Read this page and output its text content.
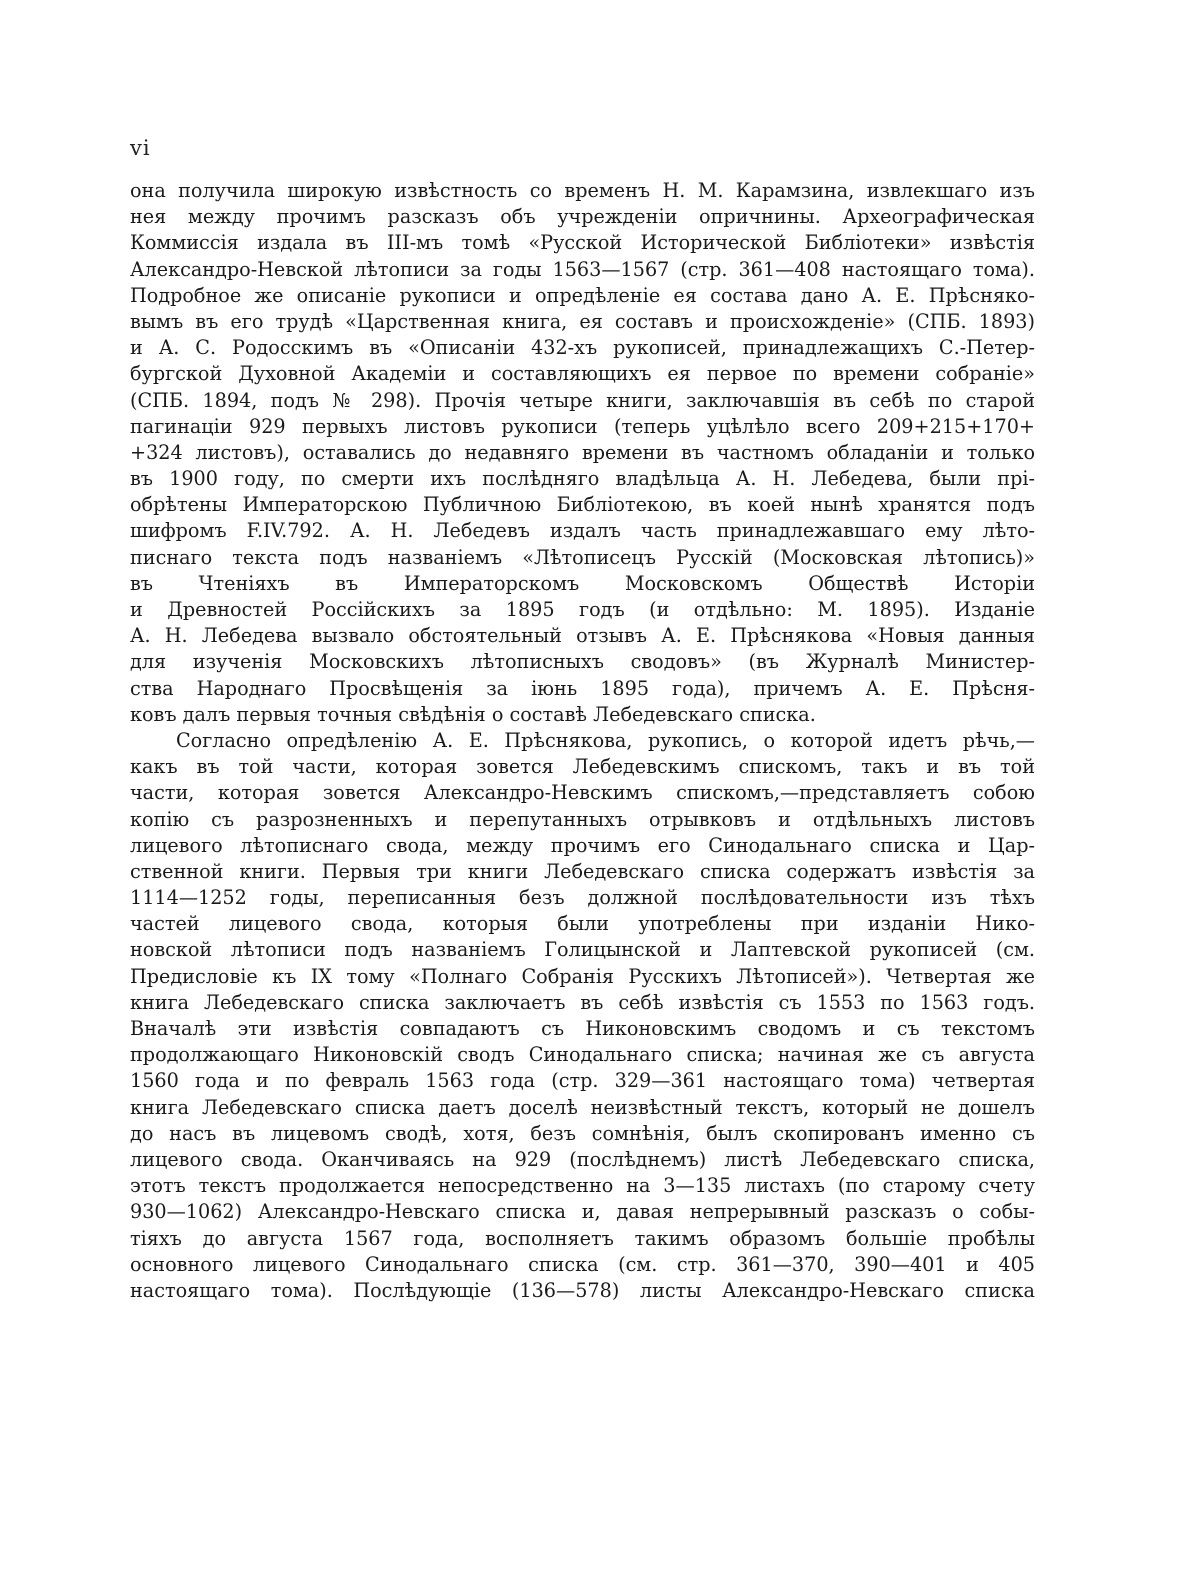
vi
она получила широкую извѣстность со временъ Н. М. Карамзина, извлекшаго изъ
нея между прочимъ разсказъ объ учрежденіи опричнины. Археографическая
Коммиссія издала въ III-мъ томѣ «Русской Исторической Библіотеки» извѣстія
Александро-Невской лѣтописи за годы 1563—1567 (стр. 361—408 настоящаго тома).
Подробное же описаніе рукописи и опредѣленіе ея состава дано А. Е. Прѣсняко-
вымъ въ его трудѣ «Царственная книга, ея составъ и происхожденіе» (СПБ. 1893)
и А. С. Родосскимъ въ «Описаніи 432-хъ рукописей, принадлежащихъ С.-Петер-
бургской Духовной Академіи и составляющихъ ея первое по времени собраніе»
(СПБ. 1894, подъ № 298). Прочія четыре книги, заключавшія въ себѣ по старой
пагинаціи 929 первыхъ листовъ рукописи (теперь уцѣлѣло всего 209+215+170+
+324 листовъ), оставались до недавняго времени въ частномъ обладаніи и только
въ 1900 году, по смерти ихъ послѣдняго владѣльца А. Н. Лебедева, были прі-
обрѣтены Императорскою Публичною Библіотекою, въ коей нынѣ хранятся подъ
шифромъ F.IV.792. А. Н. Лебедевъ издалъ часть принадлежавшаго ему лѣто-
писнаго текста подъ названіемъ «Лѣтописецъ Русскій (Московская лѣтопись)»
въ Чтеніяхъ въ Императорскомъ Московскомъ Обществѣ Исторіи
и Древностей Россійскихъ за 1895 годъ (и отдѣльно: М. 1895). Изданіе
А. Н. Лебедева вызвало обстоятельный отзывъ А. Е. Прѣснякова «Новыя данныя
для изученія Московскихъ лѣтописныхъ сводовъ» (въ Журналѣ Министер-
ства Народнаго Просвѣщенія за іюнь 1895 года), причемъ А. Е. Прѣсня-
ковъ далъ первыя точныя свѣдѣнія о составѣ Лебедевскаго списка.
Согласно опредѣленію А. Е. Прѣснякова, рукопись, о которой идетъ рѣчь,—
какъ въ той части, которая зовется Лебедевскимъ спискомъ, такъ и въ той
части, которая зовется Александро-Невскимъ спискомъ,—представляетъ собою
копію съ разрозненныхъ и перепутанныхъ отрывковъ и отдѣльныхъ листовъ
лицевого лѣтописнаго свода, между прочимъ его Синодальнаго списка и Цар-
ственной книги. Первыя три книги Лебедевскаго списка содержатъ извѣстія за
1114—1252 годы, переписанныя безъ должной послѣдовательности изъ тѣхъ
частей лицевого свода, которыя были употреблены при изданіи Нико-
новской лѣтописи подъ названіемъ Голицынской и Лаптевской рукописей (см.
Предисловіе къ IX тому «Полнаго Собранія Русскихъ Лѣтописей»). Четвертая же
книга Лебедевскаго списка заключаетъ въ себѣ извѣстія съ 1553 по 1563 годъ.
Вначалѣ эти извѣстія совпадаютъ съ Никоновскимъ сводомъ и съ текстомъ
продолжающаго Никоновскій сводъ Синодальнаго списка; начиная же съ августа
1560 года и по февраль 1563 года (стр. 329—361 настоящаго тома) четвертая
книга Лебедевскаго списка даетъ доселѣ неизвѣстный текстъ, который не дошелъ
до насъ въ лицевомъ сводѣ, хотя, безъ сомнѣнія, былъ скопированъ именно съ
лицевого свода. Оканчиваясь на 929 (послѣднемъ) листѣ Лебедевскаго списка,
этотъ текстъ продолжается непосредственно на 3—135 листахъ (по старому счету
930—1062) Александро-Невскаго списка и, давая непрерывный разсказъ о собы-
тіяхъ до августа 1567 года, восполняетъ такимъ образомъ большіе пробѣлы
основного лицевого Синодальнаго списка (см. стр. 361—370, 390—401 и 405
настоящаго тома). Послѣдующіе (136—578) листы Александро-Невскаго списка
